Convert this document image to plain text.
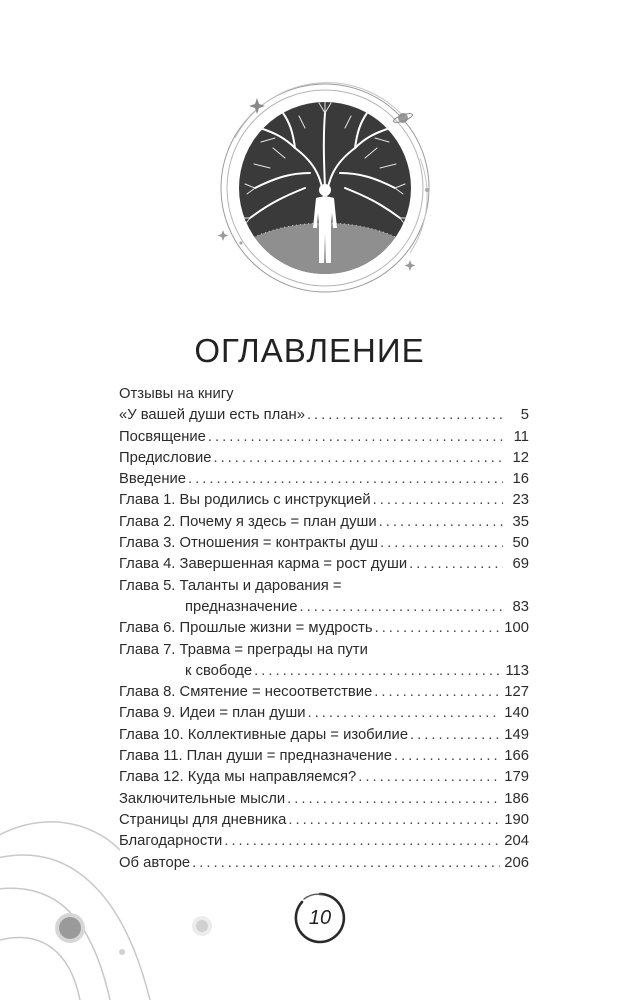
ОГЛАВЛЕНИЕ
Отзывы на книгу
«У вашей души есть план» .....	5
Посвящение .....	11
Предисловие .....	12
Введение .....	16
Глава 1. Вы родились с инструкцией .....	23
Глава 2. Почему я здесь = план души .....	35
Глава 3. Отношения = контракты душ .....	50
Глава 4. Завершенная карма = рост души .....	69
Глава 5. Таланты и дарования =
предназначение .....	83
Глава 6. Прошлые жизни = мудрость .....	100
Глава 7. Травма = преграды на пути
к свободе .....	113
Глава 8. Смятение = несоответствие .....	127
Глава 9. Идеи = план души .....	140
Глава 10. Коллективные дары = изобилие .....	149
Глава 11. План души = предназначение .....	166
Глава 12. Куда мы направляемся? .....	179
Заключительные мысли .....	186
Страницы для дневника .....	190
Благодарности .....	204
Об авторе .....	206
10
